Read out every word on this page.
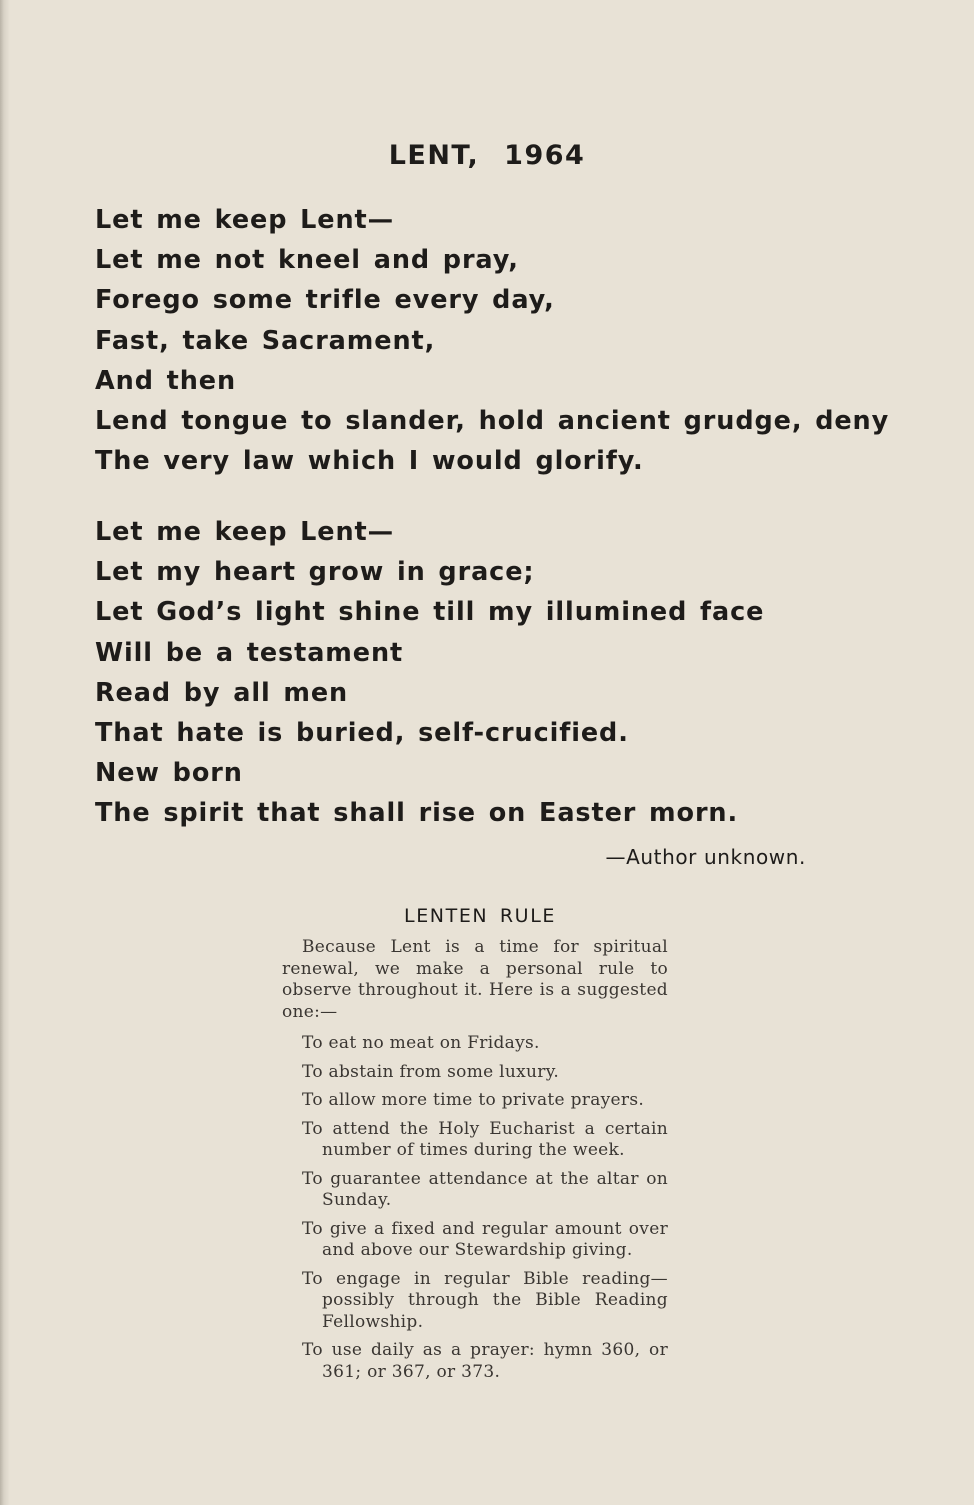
LENT, 1964
Let me keep Lent—
Let me not kneel and pray,
Forego some trifle every day,
Fast, take Sacrament,
And then
Lend tongue to slander, hold ancient grudge, deny
The very law which I would glorify.
Let me keep Lent—
Let my heart grow in grace;
Let God’s light shine till my illumined face
Will be a testament
Read by all men
That hate is buried, self-crucified.
New born
The spirit that shall rise on Easter morn.
—Author unknown.
LENTEN RULE
Because Lent is a time for spiritual renewal, we make a personal rule to observe throughout it. Here is a suggested one:—
To eat no meat on Fridays.
To abstain from some luxury.
To allow more time to private prayers.
To attend the Holy Eucharist a certain number of times during the week.
To guarantee attendance at the altar on Sunday.
To give a fixed and regular amount over and above our Stewardship giving.
To engage in regular Bible reading—possibly through the Bible Reading Fellowship.
To use daily as a prayer: hymn 360, or 361; or 367, or 373.
